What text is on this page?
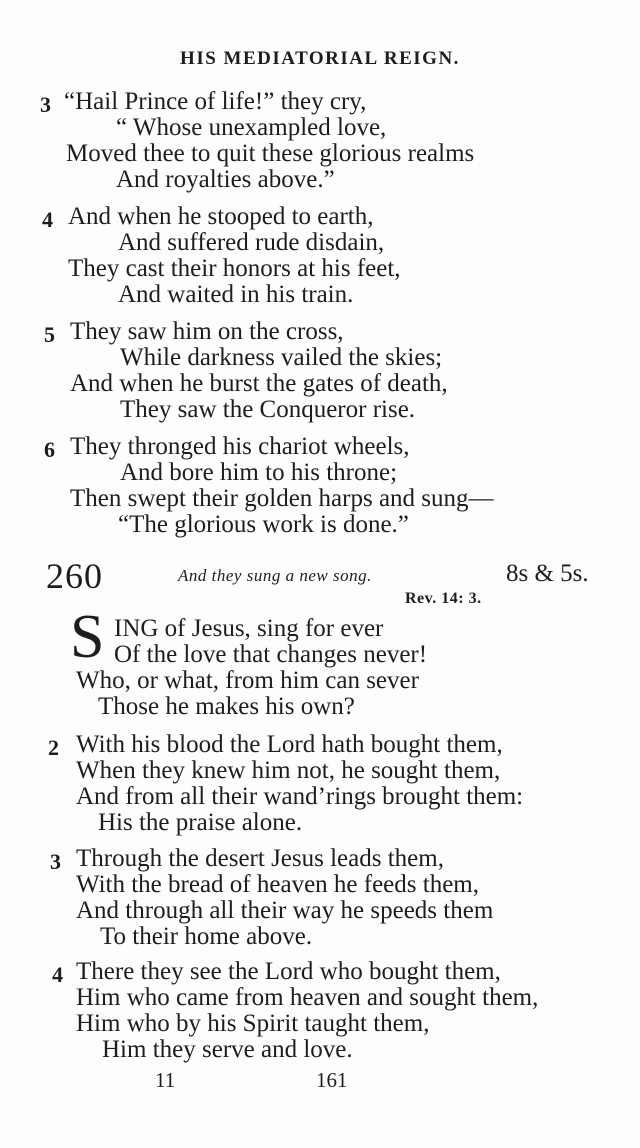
HIS MEDIATORIAL REIGN.
3 “Hail Prince of life!” they cry,
“ Whose unexampled love,
Moved thee to quit these glorious realms
And royalties above.”
4 And when he stooped to earth,
And suffered rude disdain,
They cast their honors at his feet,
And waited in his train.
5 They saw him on the cross,
While darkness vailed the skies;
And when he burst the gates of death,
They saw the Conqueror rise.
6 They thronged his chariot wheels,
And bore him to his throne;
Then swept their golden harps and sung—
“The glorious work is done.”
260	And they sung a new song.	8s & 5s.
Rev. 14: 3.
S ING of Jesus, sing for ever
Of the love that changes never!
Who, or what, from him can sever
Those he makes his own?
2 With his blood the Lord hath bought them,
When they knew him not, he sought them,
And from all their wand’rings brought them:
His the praise alone.
3 Through the desert Jesus leads them,
With the bread of heaven he feeds them,
And through all their way he speeds them
To their home above.
4 There they see the Lord who bought them,
Him who came from heaven and sought them,
Him who by his Spirit taught them,
Him they serve and love.
11	161
